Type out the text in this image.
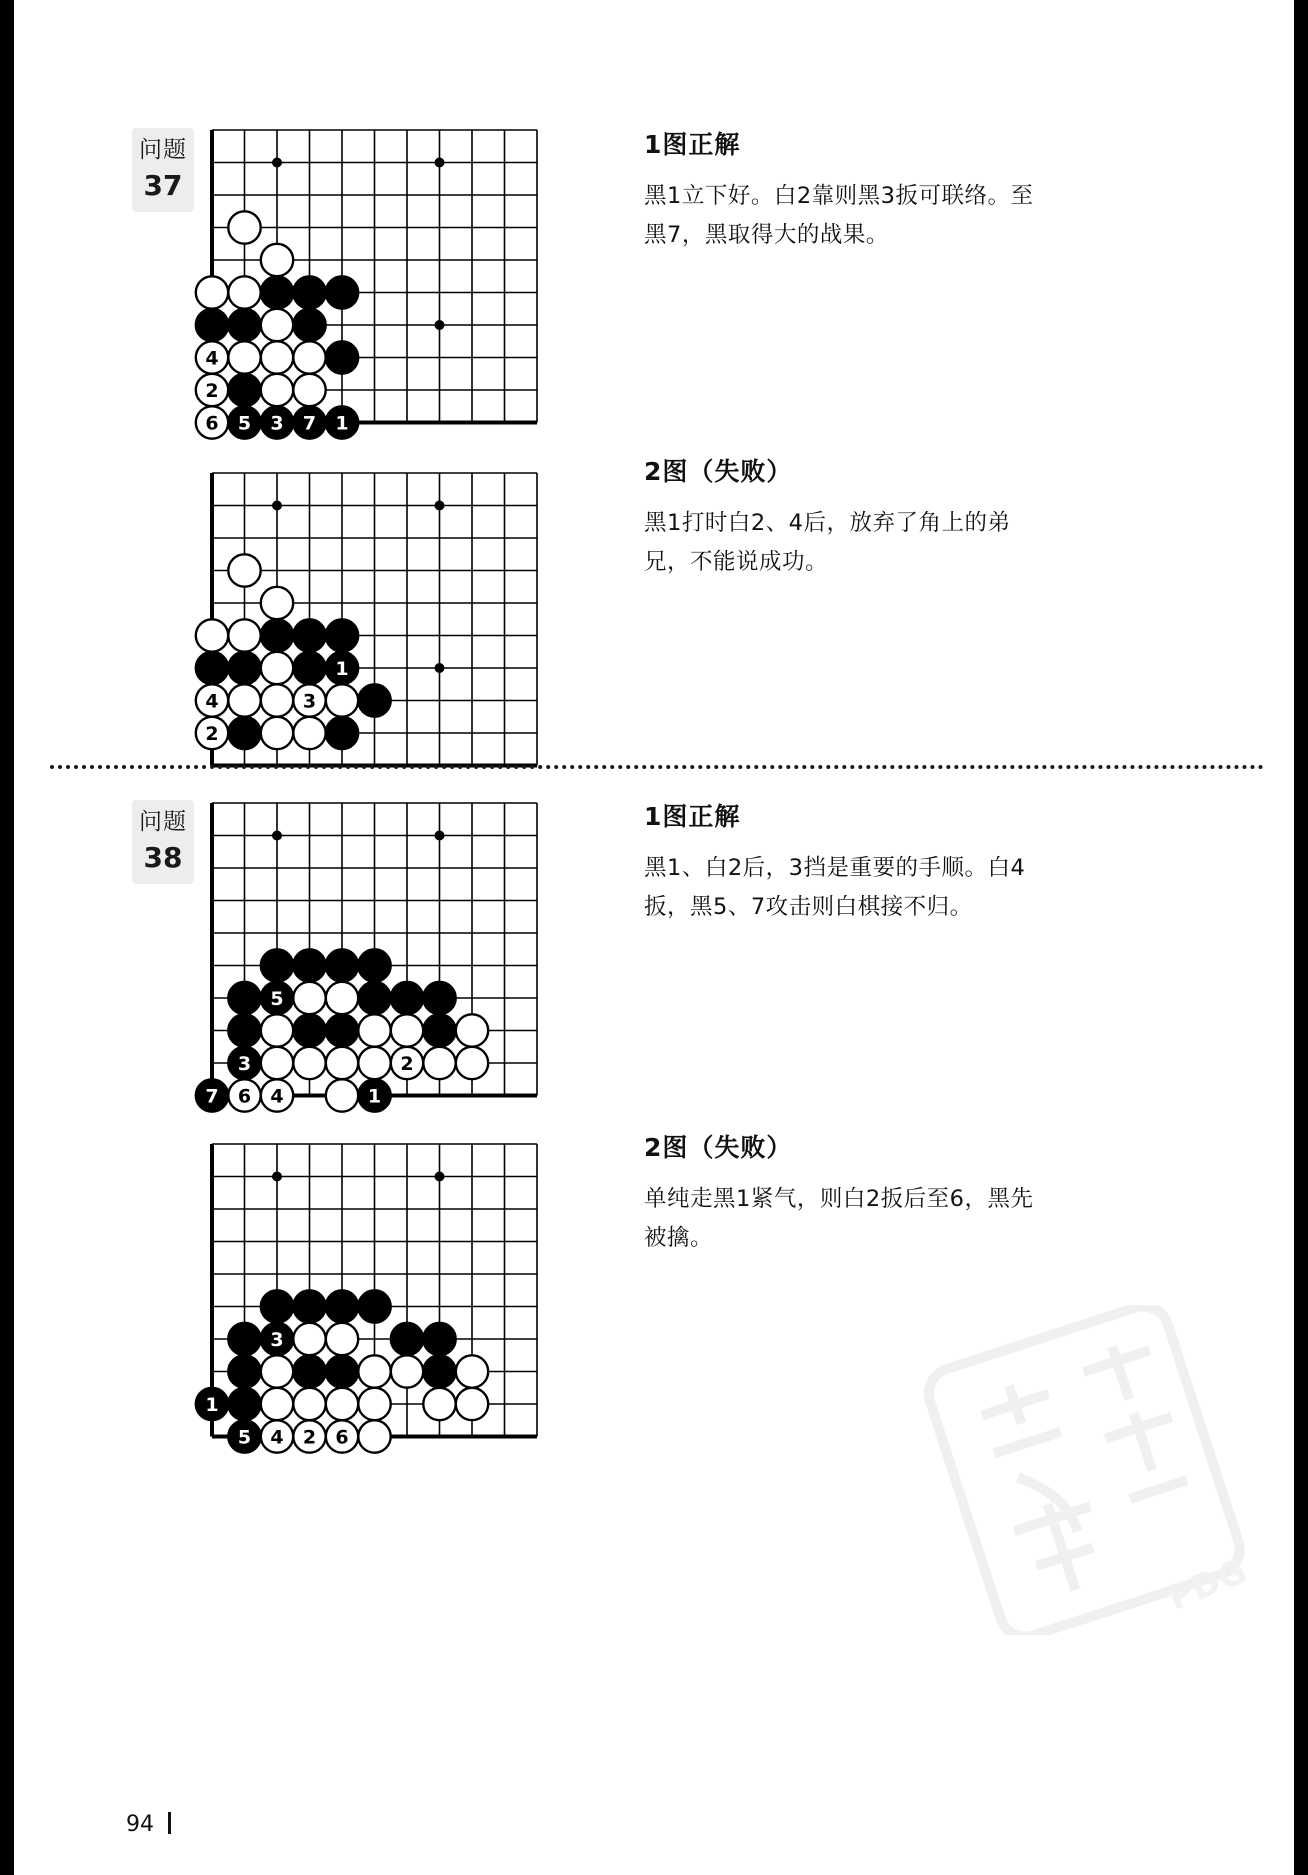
问题
37
4
2
6 5 3 7 1
1图正解

黑1立下好。白2靠则黑3扳可联络。至黑7，黑取得大的战果。

1
4	3
2
2图（失败）

黑1打时白2、4后，放弃了角上的弟兄，不能说成功。

问题
38
5
3	2
7 6 4	1
1图正解

黑1、白2后，3挡是重要的手顺。白4扳，黑5、7攻击则白棋接不归。

3
1
5 4 2 6
2图（失败）

单纯走黑1紧气，则白2扳后至6，黑先被擒。

PDG
94
